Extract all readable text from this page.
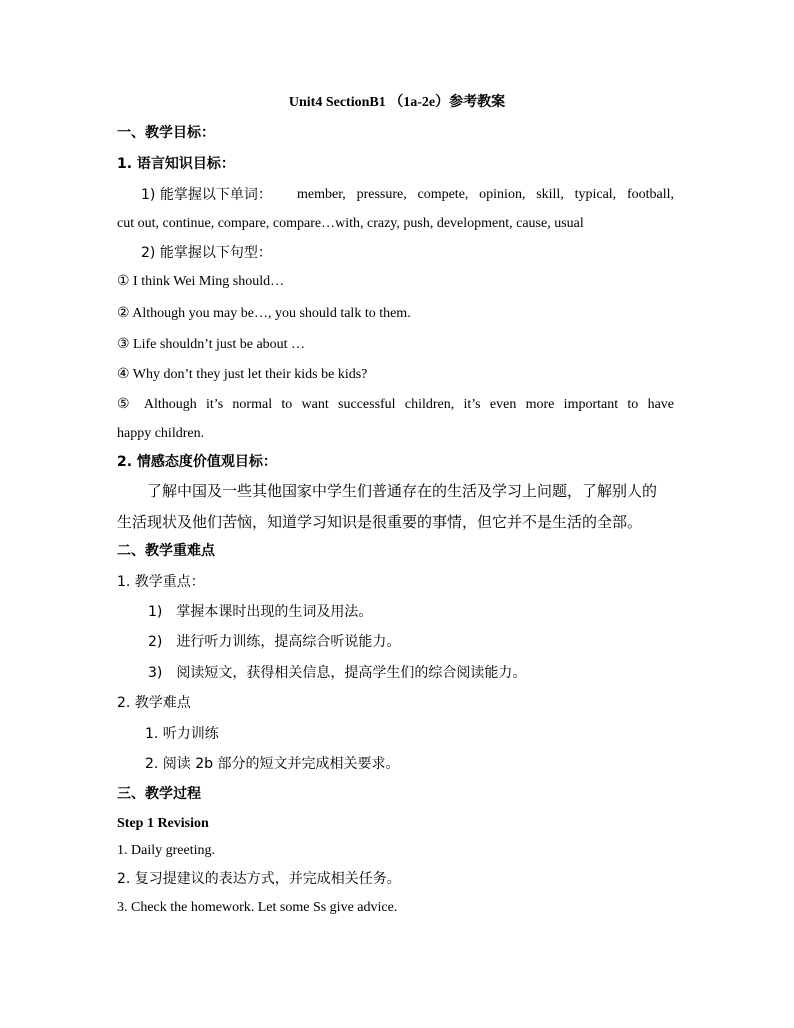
Unit4 SectionB1 （1a-2e）参考教案
一、教学目标：
1. 语言知识目标：
1) 能掌握以下单词： member, pressure, compete, opinion, skill, typical, football,
cut out, continue, compare, compare…with, crazy, push, development, cause, usual
2) 能掌握以下句型：
① I think Wei Ming should…
② Although you may be…, you should talk to them.
③ Life shouldn’t just be about …
④ Why don’t they just let their kids be kids?
⑤ Although it’s normal to want successful children, it’s even more important to have
happy children.
2. 情感态度价值观目标：
了解中国及一些其他国家中学生们普通存在的生活及学习上问题，了解别人的
生活现状及他们苦恼，知道学习知识是很重要的事情，但它并不是生活的全部。
二、教学重难点
1. 教学重点：
1)　掌握本课时出现的生词及用法。
2)　进行听力训练，提高综合听说能力。
3)　阅读短文，获得相关信息，提高学生们的综合阅读能力。
2. 教学难点
1. 听力训练
2. 阅读 2b 部分的短文并完成相关要求。
三、教学过程
Step 1 Revision
1. Daily greeting.
2. 复习提建议的表达方式，并完成相关任务。
3. Check the homework. Let some Ss give advice.
